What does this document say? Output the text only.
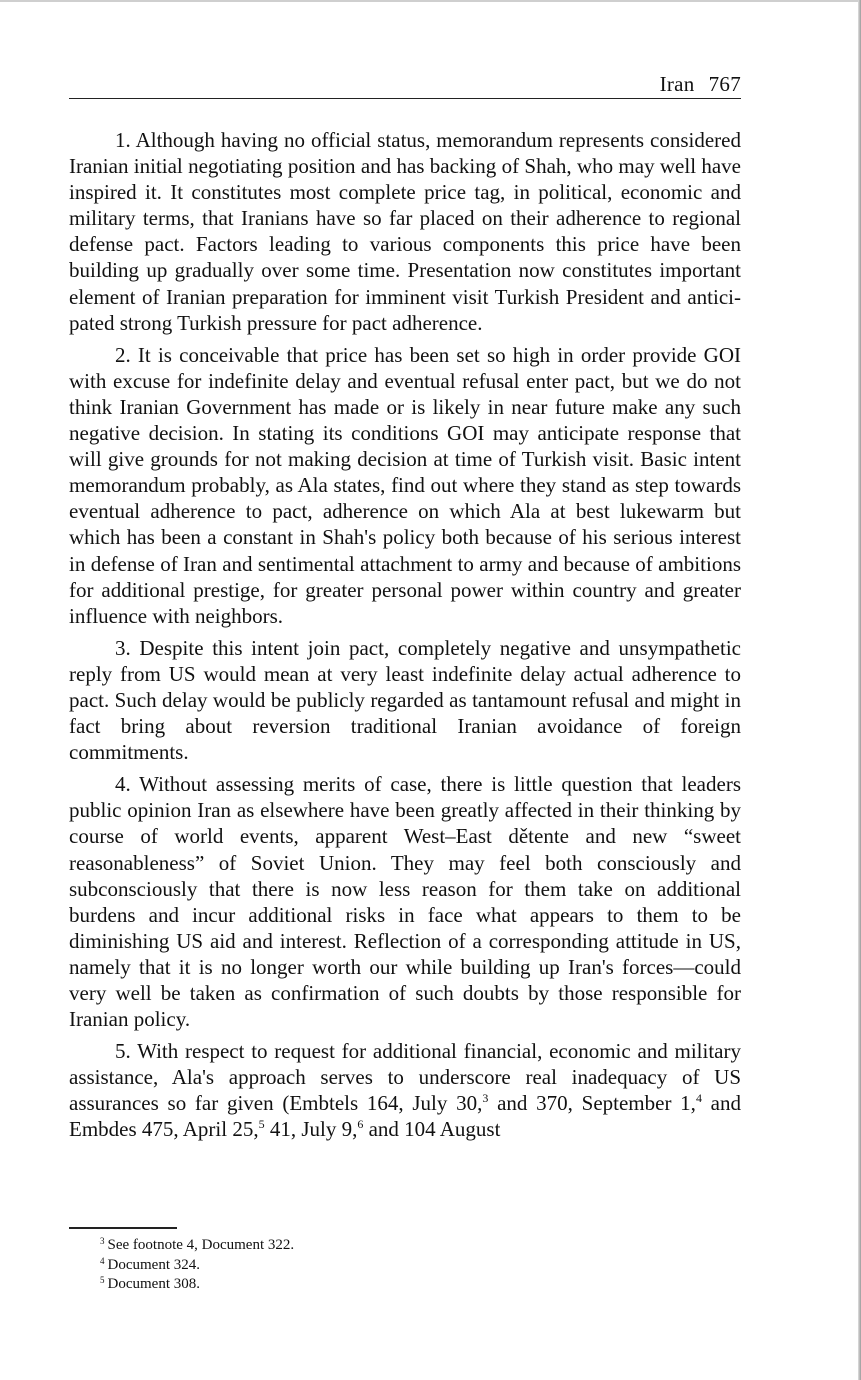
Iran 767

1. Although having no official status, memorandum represents considered Iranian initial negotiating position and has backing of Shah, who may well have inspired it. It constitutes most complete price tag, in political, economic and military terms, that Iranians have so far placed on their adherence to regional defense pact. Factors leading to various components this price have been building up gradually over some time. Presentation now constitutes important element of Iranian preparation for imminent visit Turkish President and anticipated strong Turkish pressure for pact adherence.

2. It is conceivable that price has been set so high in order provide GOI with excuse for indefinite delay and eventual refusal enter pact, but we do not think Iranian Government has made or is likely in near future make any such negative decision. In stating its conditions GOI may anticipate response that will give grounds for not making decision at time of Turkish visit. Basic intent memorandum probably, as Ala states, find out where they stand as step towards eventual adherence to pact, adherence on which Ala at best lukewarm but which has been a constant in Shah's policy both because of his serious interest in defense of Iran and sentimental attachment to army and because of ambitions for additional prestige, for greater personal power within country and greater influence with neighbors.

3. Despite this intent join pact, completely negative and unsympathetic reply from US would mean at very least indefinite delay actual adherence to pact. Such delay would be publicly regarded as tantamount refusal and might in fact bring about reversion traditional Iranian avoidance of foreign commitments.

4. Without assessing merits of case, there is little question that leaders public opinion Iran as elsewhere have been greatly affected in their thinking by course of world events, apparent West–East dětente and new “sweet reasonableness” of Soviet Union. They may feel both consciously and subconsciously that there is now less reason for them take on additional burdens and incur additional risks in face what appears to them to be diminishing US aid and interest. Reflection of a corresponding attitude in US, namely that it is no longer worth our while building up Iran's forces—could very well be taken as confirmation of such doubts by those responsible for Iranian policy.

5. With respect to request for additional financial, economic and military assistance, Ala's approach serves to underscore real inadequacy of US assurances so far given (Embtels 164, July 30,$^3$ and 370, September 1,$^4$ and Embdes 475, April 25,$^5$ 41, July 9,$^6$ and 104 August

$^3$ See footnote 4, Document 322.
$^4$ Document 324.
$^5$ Document 308.
